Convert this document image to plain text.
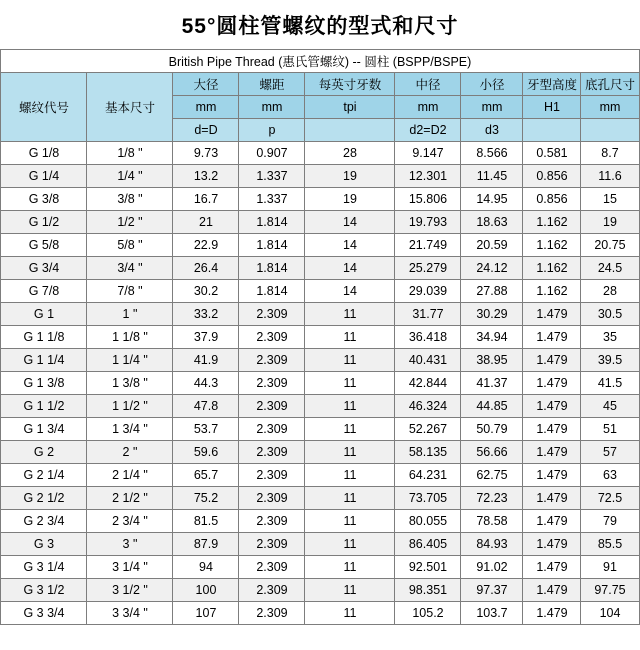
55°圆柱管螺纹的型式和尺寸
British Pipe Thread (惠氏管螺纹) -- 圆柱 (BSPP/BSPE)								
螺纹代号	基本尺寸	大径	螺距	每英寸牙数	中径	小径	牙型高度	底孔尺寸
		mm	mm	tpi	mm	mm	H1	mm
		d=D	p		d2=D2	d3		
G 1/8	1/8 "	9.73	0.907	28	9.147	8.566	0.581	8.7
G 1/4	1/4 "	13.2	1.337	19	12.301	11.45	0.856	11.6
G 3/8	3/8 "	16.7	1.337	19	15.806	14.95	0.856	15
G 1/2	1/2 "	21	1.814	14	19.793	18.63	1.162	19
G 5/8	5/8 "	22.9	1.814	14	21.749	20.59	1.162	20.75
G 3/4	3/4 "	26.4	1.814	14	25.279	24.12	1.162	24.5
G 7/8	7/8 "	30.2	1.814	14	29.039	27.88	1.162	28
G 1	1 "	33.2	2.309	11	31.77	30.29	1.479	30.5
G 1 1/8	1 1/8 "	37.9	2.309	11	36.418	34.94	1.479	35
G 1 1/4	1 1/4 "	41.9	2.309	11	40.431	38.95	1.479	39.5
G 1 3/8	1 3/8 "	44.3	2.309	11	42.844	41.37	1.479	41.5
G 1 1/2	1 1/2 "	47.8	2.309	11	46.324	44.85	1.479	45
G 1 3/4	1 3/4 "	53.7	2.309	11	52.267	50.79	1.479	51
G 2	2 "	59.6	2.309	11	58.135	56.66	1.479	57
G 2 1/4	2 1/4 "	65.7	2.309	11	64.231	62.75	1.479	63
G 2 1/2	2 1/2 "	75.2	2.309	11	73.705	72.23	1.479	72.5
G 2 3/4	2 3/4 "	81.5	2.309	11	80.055	78.58	1.479	79
G 3	3 "	87.9	2.309	11	86.405	84.93	1.479	85.5
G 3 1/4	3 1/4 "	94	2.309	11	92.501	91.02	1.479	91
G 3 1/2	3 1/2 "	100	2.309	11	98.351	97.37	1.479	97.75
G 3 3/4	3 3/4 "	107	2.309	11	105.2	103.7	1.479	104
